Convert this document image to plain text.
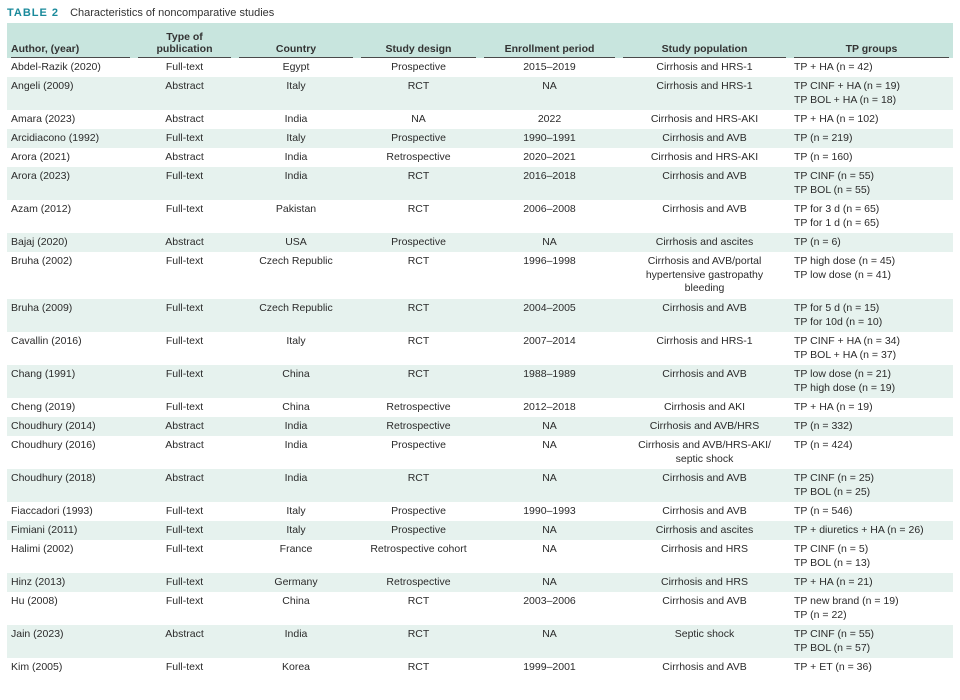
TABLE 2 Characteristics of noncomparative studies
Author, (year)	Type of publication	Country	Study design	Enrollment period	Study population	TP groups

Abdel-Razik (2020)	Full-text	Egypt	Prospective	2015–2019	Cirrhosis and HRS-1	TP + HA (n = 42)

Angeli (2009)	Abstract	Italy	RCT	NA	Cirrhosis and HRS-1	TP CINF + HA (n = 19)
TP BOL + HA (n = 18)

Amara (2023)	Abstract	India	NA	2022	Cirrhosis and HRS-AKI	TP + HA (n = 102)

Arcidiacono (1992)	Full-text	Italy	Prospective	1990–1991	Cirrhosis and AVB	TP (n = 219)

Arora (2021)	Abstract	India	Retrospective	2020–2021	Cirrhosis and HRS-AKI	TP (n = 160)

Arora (2023)	Full-text	India	RCT	2016–2018	Cirrhosis and AVB	TP CINF (n = 55)
TP BOL (n = 55)

Azam (2012)	Full-text	Pakistan	RCT	2006–2008	Cirrhosis and AVB	TP for 3 d (n = 65)
TP for 1 d (n = 65)

Bajaj (2020)	Abstract	USA	Prospective	NA	Cirrhosis and ascites	TP (n = 6)

Bruha (2002)	Full-text	Czech Republic	RCT	1996–1998	Cirrhosis and AVB/portal
hypertensive gastropathy
bleeding	TP high dose (n = 45)
TP low dose (n = 41)

Bruha (2009)	Full-text	Czech Republic	RCT	2004–2005	Cirrhosis and AVB	TP for 5 d (n = 15)
TP for 10d (n = 10)

Cavallin (2016)	Full-text	Italy	RCT	2007–2014	Cirrhosis and HRS-1	TP CINF + HA (n = 34)
TP BOL + HA (n = 37)

Chang (1991)	Full-text	China	RCT	1988–1989	Cirrhosis and AVB	TP low dose (n = 21)
TP high dose (n = 19)

Cheng (2019)	Full-text	China	Retrospective	2012–2018	Cirrhosis and AKI	TP + HA (n = 19)

Choudhury (2014)	Abstract	India	Retrospective	NA	Cirrhosis and AVB/HRS	TP (n = 332)

Choudhury (2016)	Abstract	India	Prospective	NA	Cirrhosis and AVB/HRS-AKI/
septic shock	TP (n = 424)

Choudhury (2018)	Abstract	India	RCT	NA	Cirrhosis and AVB	TP CINF (n = 25)
TP BOL (n = 25)

Fiaccadori (1993)	Full-text	Italy	Prospective	1990–1993	Cirrhosis and AVB	TP (n = 546)

Fimiani (2011)	Full-text	Italy	Prospective	NA	Cirrhosis and ascites	TP + diuretics + HA (n = 26)

Halimi (2002)	Full-text	France	Retrospective cohort	NA	Cirrhosis and HRS	TP CINF (n = 5)
TP BOL (n = 13)

Hinz (2013)	Full-text	Germany	Retrospective	NA	Cirrhosis and HRS	TP + HA (n = 21)

Hu (2008)	Full-text	China	RCT	2003–2006	Cirrhosis and AVB	TP new brand (n = 19)
TP (n = 22)

Jain (2023)	Abstract	India	RCT	NA	Septic shock	TP CINF (n = 55)
TP BOL (n = 57)

Kim (2005)	Full-text	Korea	RCT	1999–2001	Cirrhosis and AVB	TP + ET (n = 36)
